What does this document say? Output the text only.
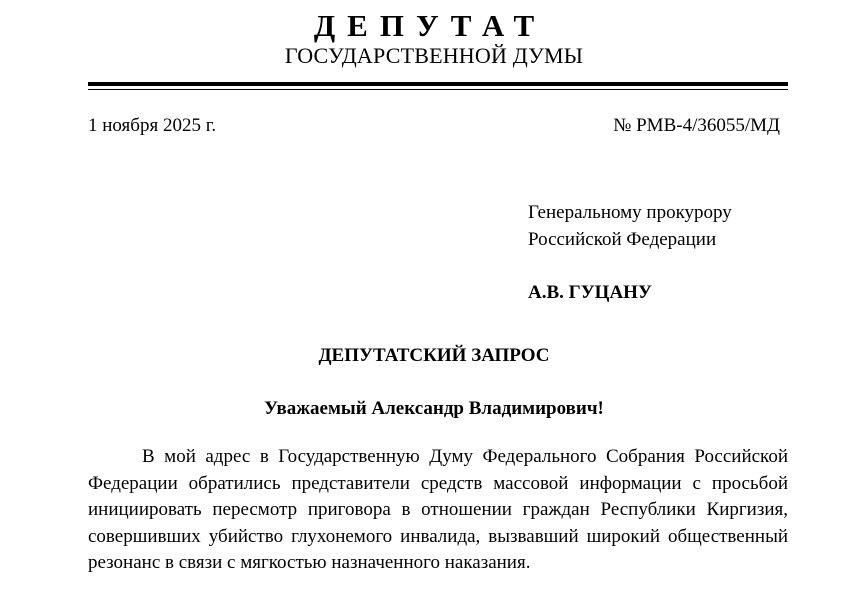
ДЕПУТАТ
ГОСУДАРСТВЕННОЙ ДУМЫ
1 ноября 2025 г.	№ РМВ-4/36055/МД
Генеральному прокурору
Российской Федерации
А.В. ГУЦАНУ
ДЕПУТАТСКИЙ ЗАПРОС
Уважаемый Александр Владимирович!

В мой адрес в Государственную Думу Федерального Собрания Российской Федерации обратились представители средств массовой информации с просьбой инициировать пересмотр приговора в отношении граждан Республики Киргизия, совершивших убийство глухонемого инвалида, вызвавший широкий общественный резонанс в связи с мягкостью назначенного наказания.
